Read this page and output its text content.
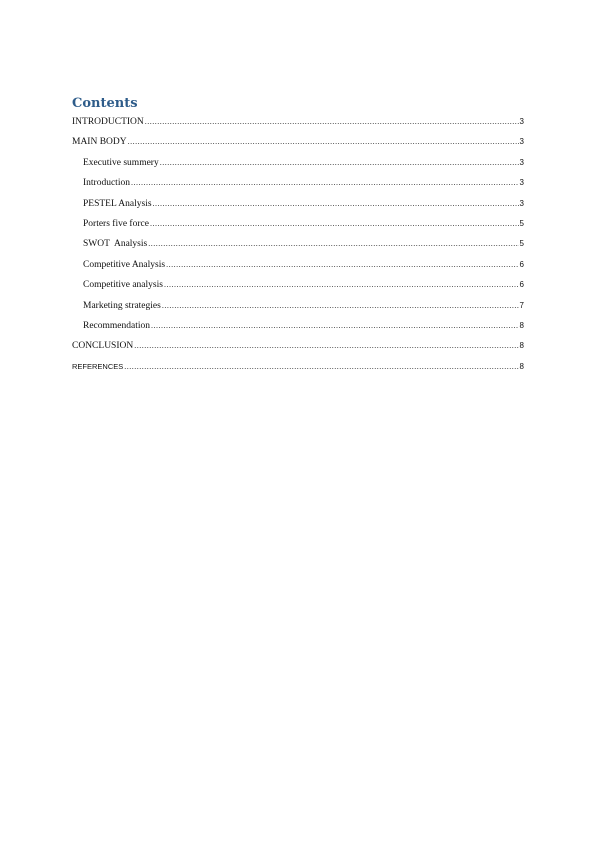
Contents
INTRODUCTION .....	3
MAIN BODY .....	3
Executive summery .....	3
Introduction .....	3
PESTEL Analysis .....	3
Porters five force .....	5
SWOT  Analysis .....	5
Competitive Analysis .....	6
Competitive analysis .....	6
Marketing strategies .....	7
Recommendation .....	8
CONCLUSION .....	8
REFERENCES .....	8
